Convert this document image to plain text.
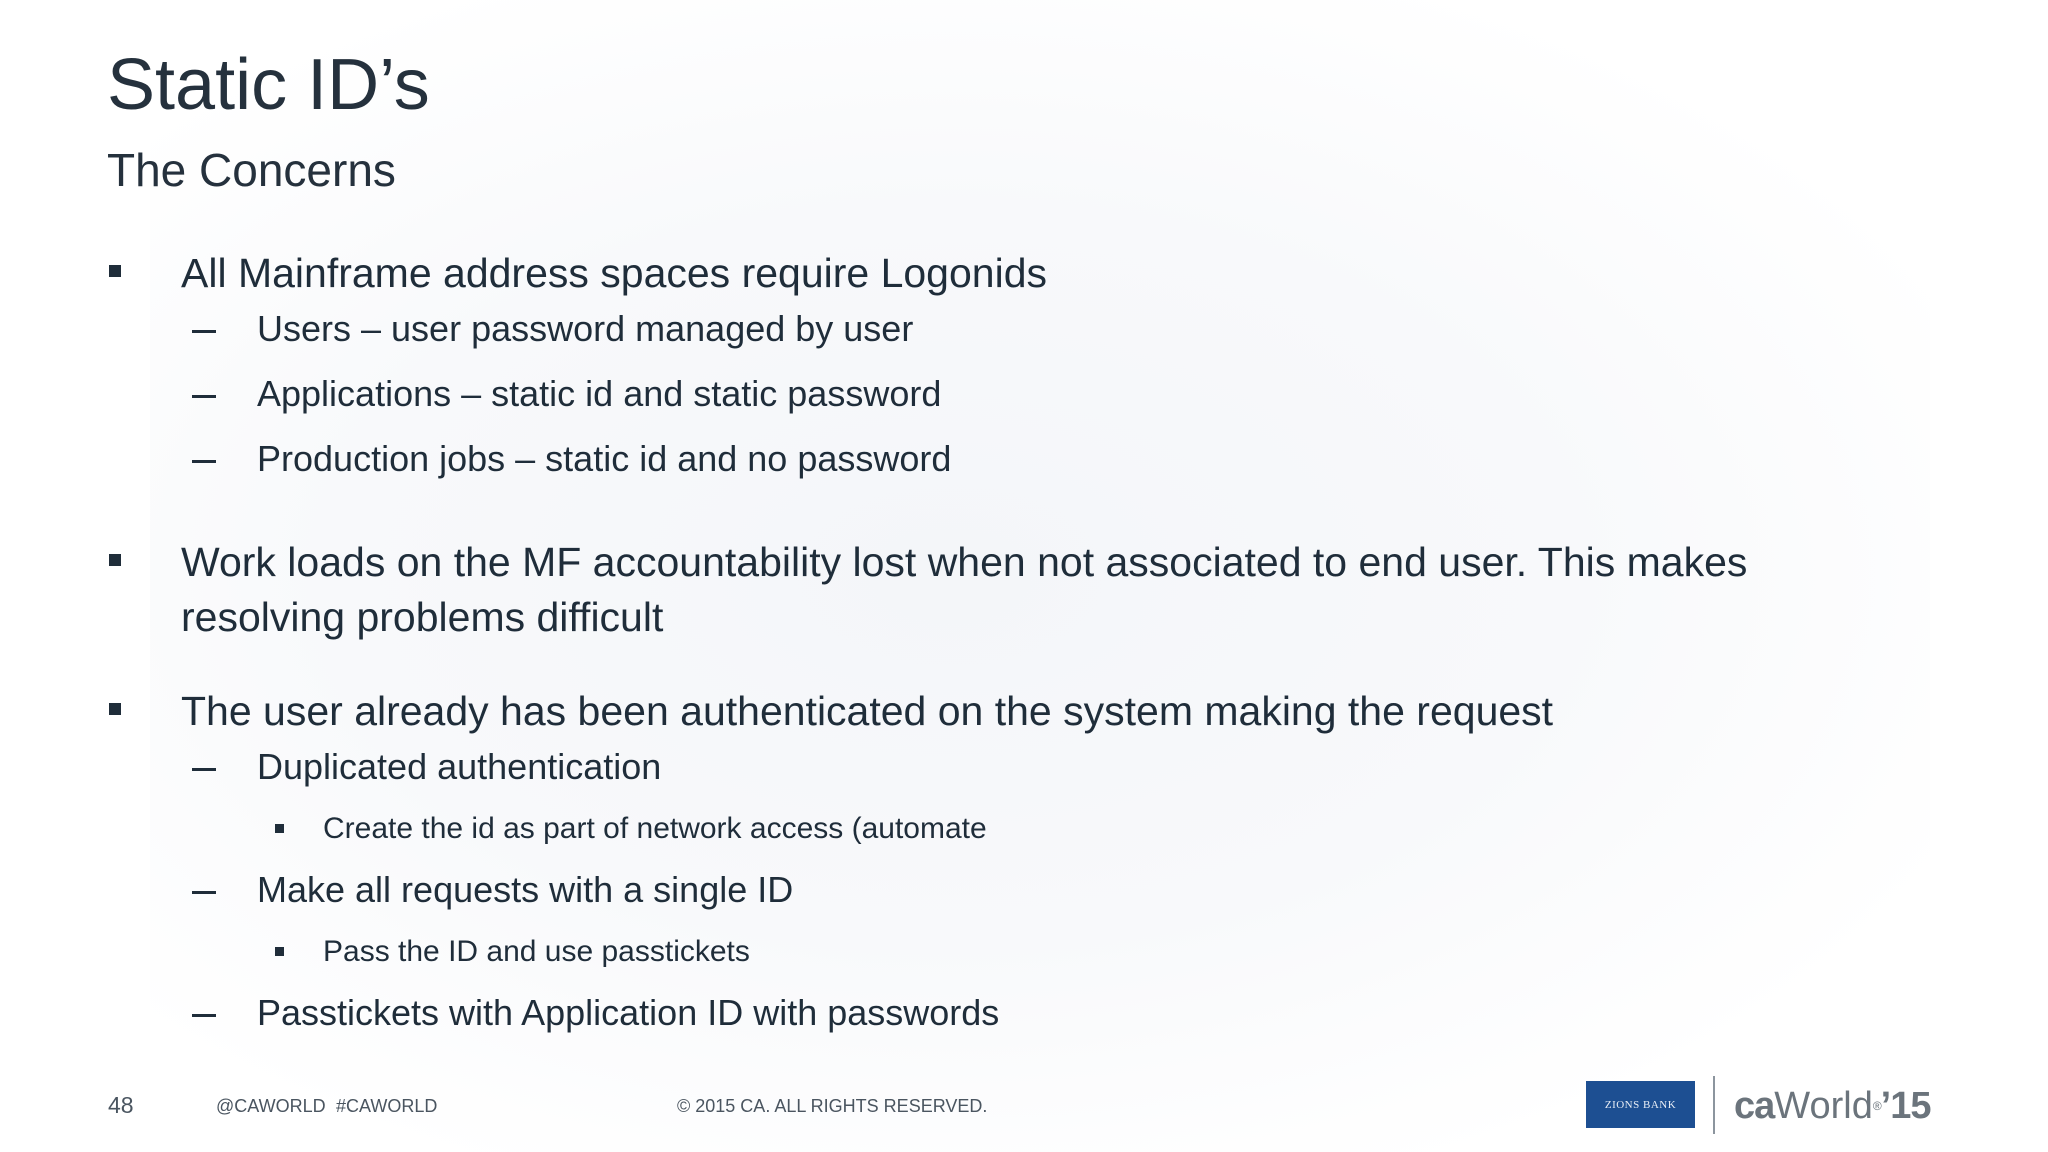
Static ID’s
The Concerns
All Mainframe address spaces require Logonids
Users – user password managed by user
Applications – static id and static password
Production jobs – static id and no password
Work loads on the MF accountability lost when not associated to end user. This makes
resolving problems difficult
The user already has been authenticated on the system making the request
Duplicated authentication
Create the id as part of network access (automate
Make all requests with a single ID
Pass the ID and use passtickets
Passtickets with Application ID with passwords
48	@CAWORLD #CAWORLD	© 2015 CA. ALL RIGHTS RESERVED.	ZIONS BANK caWorld®’15
